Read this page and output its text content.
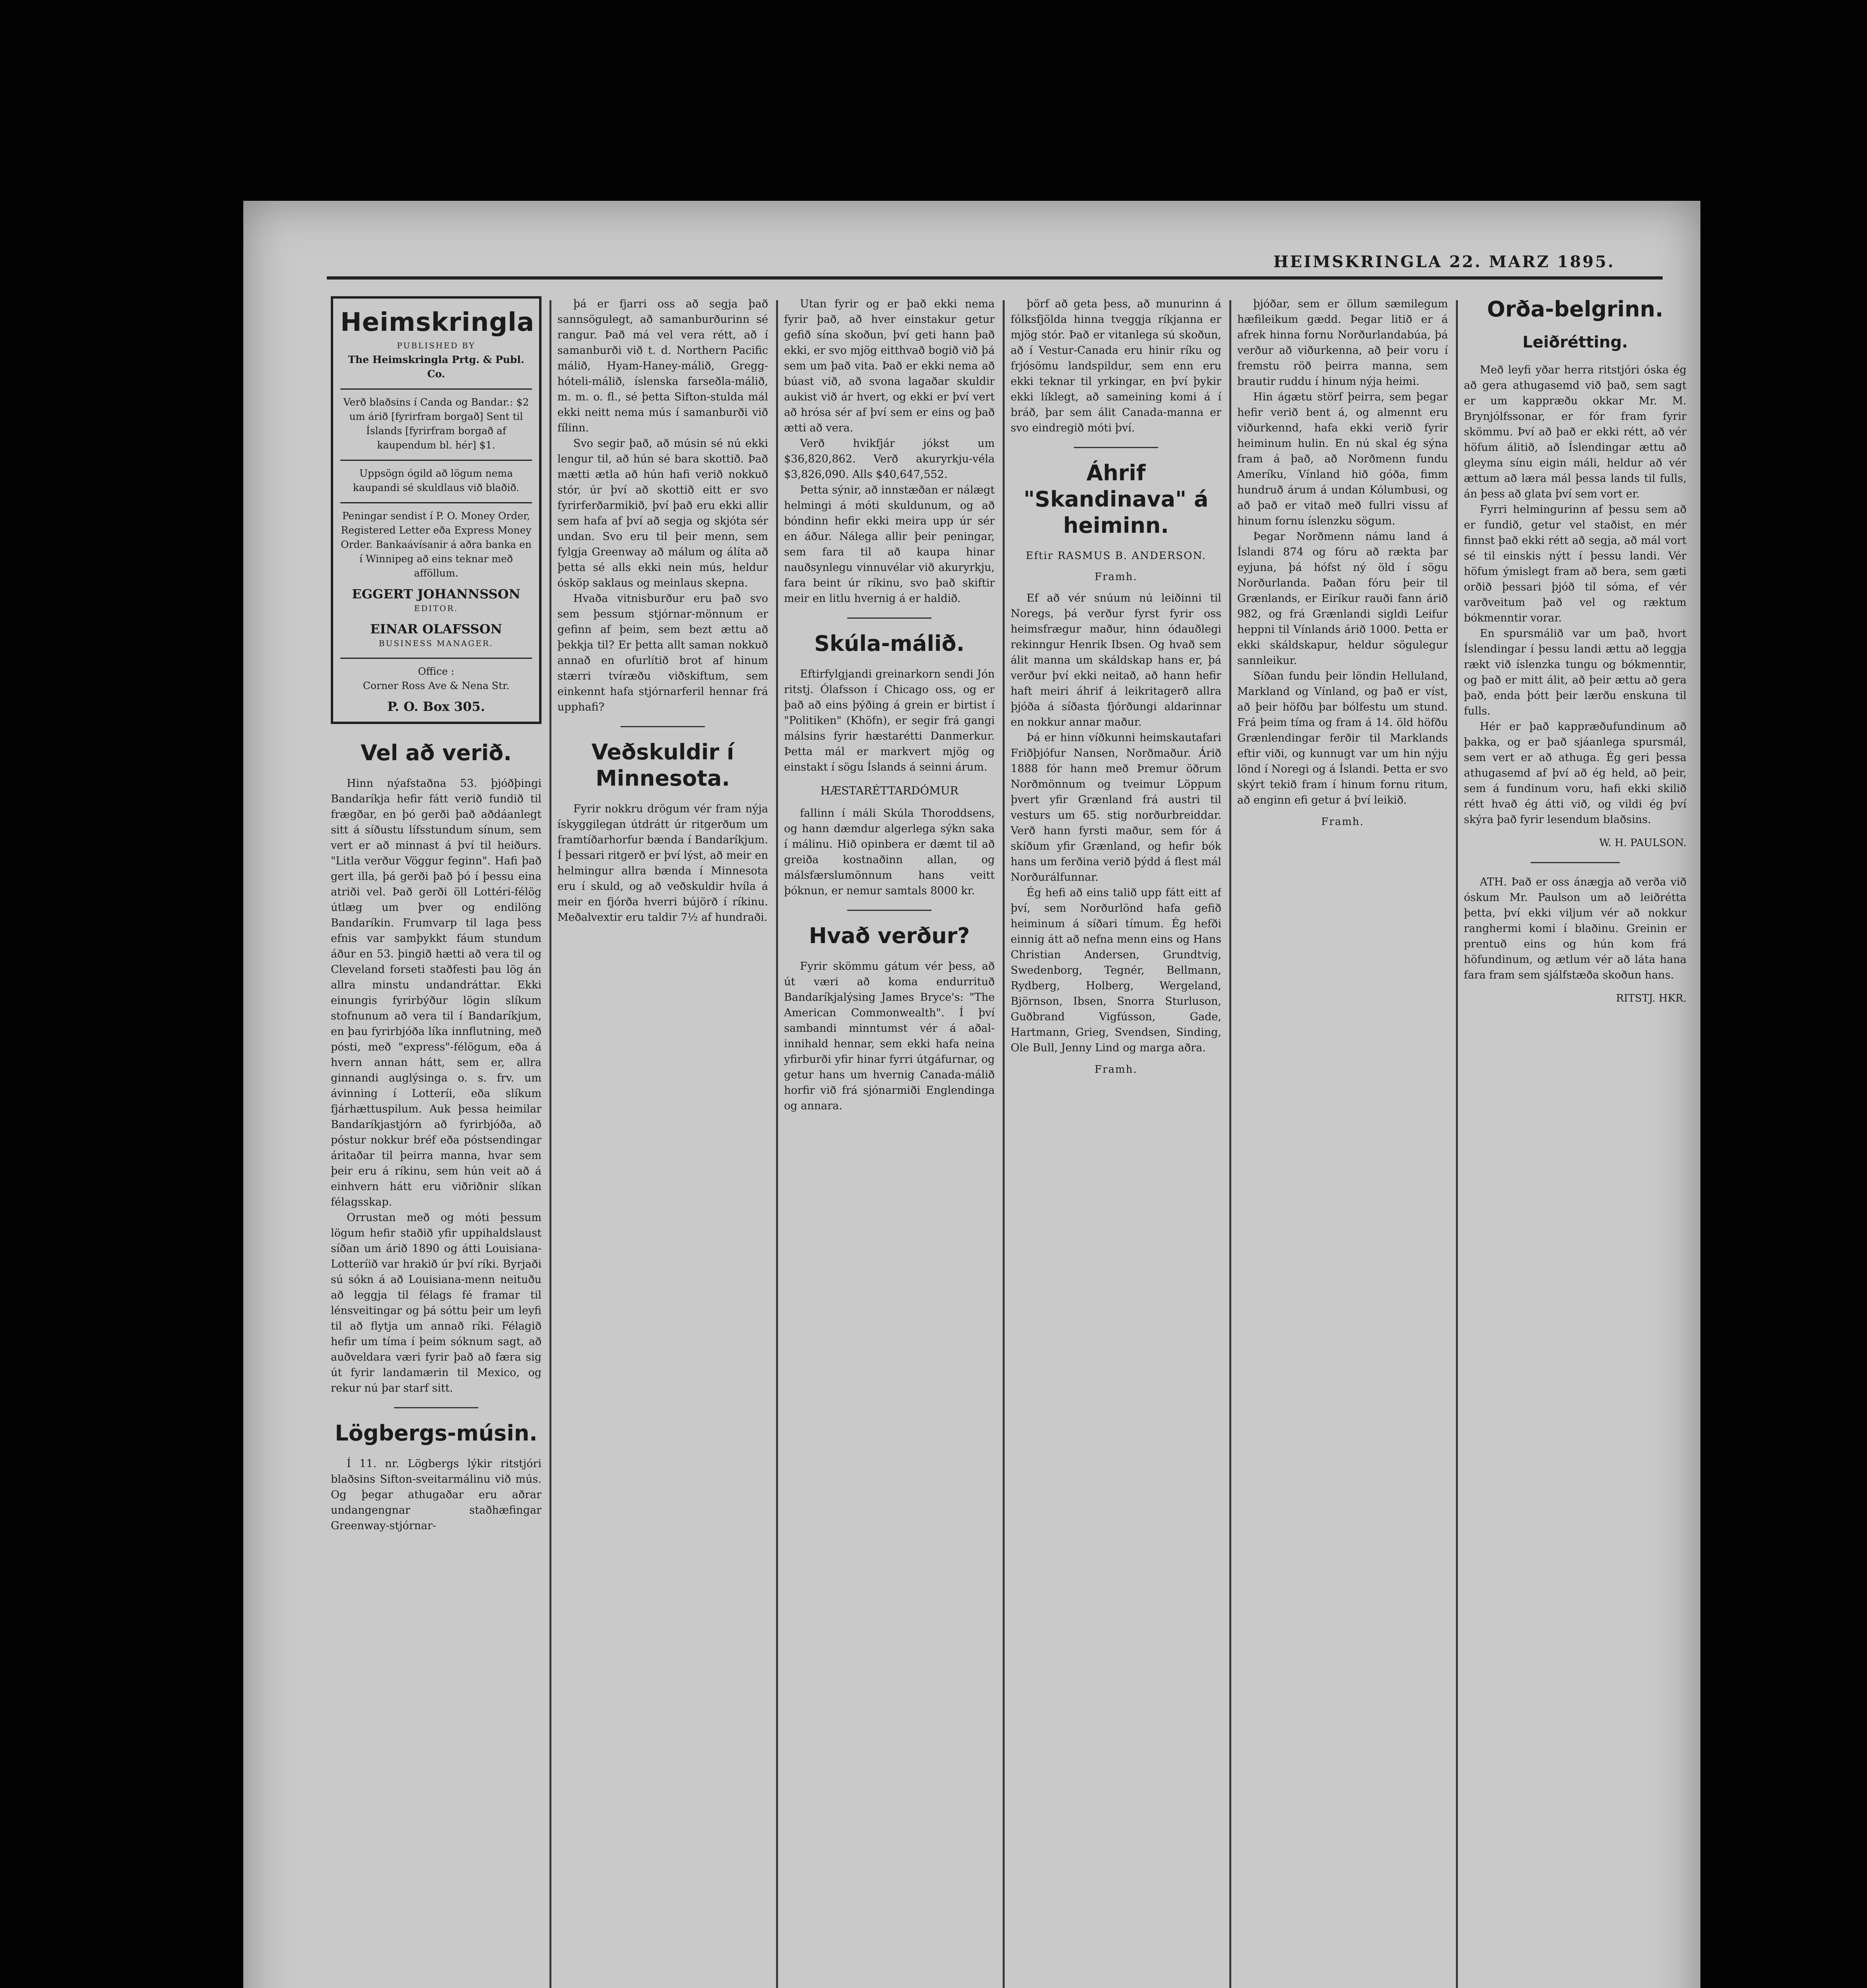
HEIMSKRINGLA 22. MARZ 1895.
Heimskringla
PUBLISHED BY
The Heimskringla Prtg. & Publ. Co.
Verð blaðsins í Canda og Bandar.: $2 um árið [fyrirfram borgað] Sent til Íslands [fyrirfram borgað af kaupendum bl. hér] $1.
Uppsögn ógild að lögum nema kaupandi sé skuldlaus við blaðið.
Peningar sendist í P. O. Money Order, Registered Letter eða Express Money Order. Bankaávísanir á aðra banka en í Winnipeg að eins teknar með afföllum.
EGGERT JOHANNSSON
EDITOR.
EINAR OLAFSSON
BUSINESS MANAGER.
Office :
Corner Ross Ave & Nena Str.
P. O. Box 305.
Vel að verið.

Hinn nýafstaðna 53. þjóðþingi Bandaríkja hefir fátt verið fundið til frægðar, en þó gerði það aðdáanlegt sitt á síðustu lífsstundum sínum, sem vert er að minnast á því til heiðurs. "Litla verður Vöggur feginn". Hafi það gert illa, þá gerði það þó í þessu eina atriði vel. Það gerði öll Lottéri-félög útlæg um þver og endilöng Bandaríkin. Frumvarp til laga þess efnis var samþykkt fáum stundum áður en 53. þingið hætti að vera til og Cleveland forseti staðfesti þau lög án allra minstu undandráttar. Ekki einungis fyrirbýður lögin slíkum stofnunum að vera til í Bandaríkjum, en þau fyrirbjóða líka innflutning, með pósti, með "express"-félögum, eða á hvern annan hátt, sem er, allra ginnandi auglýsinga o. s. frv. um ávinning í Lotteríi, eða slíkum fjárhættuspilum. Auk þessa heimilar Bandaríkjastjórn að fyrirbjóða, að póstur nokkur bréf eða póstsendingar áritaðar til þeirra manna, hvar sem þeir eru á ríkinu, sem hún veit að á einhvern hátt eru viðriðnir slíkan félagsskap.

Orrustan með og móti þessum lögum hefir staðið yfir uppihaldslaust síðan um árið 1890 og átti Louisiana-Lotteríið var hrakið úr því ríki. Byrjaði sú sókn á að Louisiana-menn neituðu að leggja til félags fé framar til lénsveitingar og þá sóttu þeir um leyfi til að flytja um annað ríki. Félagið hefir um tíma í þeim sóknum sagt, að auðveldara væri fyrir það að færa sig út fyrir landamærin til Mexico, og rekur nú þar starf sitt.

Lögbergs-músin.

Í 11. nr. Lögbergs lýkir ritstjóri blaðsins Sifton-sveitarmálinu við mús. Og þegar athugaðar eru aðrar undangengnar staðhæfingar Greenway-stjórnar-

þá er fjarri oss að segja það sannsögulegt, að samanburðurinn sé rangur. Það má vel vera rétt, að í samanburði við t. d. Northern Pacific málið, Hyam-Haney-málið, Gregg-hóteli-málið, íslenska farseðla-málið, m. m. o. fl., sé þetta Sifton-stulda mál ekki neitt nema mús í samanburði við fílinn.

Svo segir það, að músin sé nú ekki lengur til, að hún sé bara skottið. Það mætti ætla að hún hafi verið nokkuð stór, úr því að skottið eitt er svo fyrirferðarmikið, því það eru ekki allir sem hafa af því að segja og skjóta sér undan. Svo eru til þeir menn, sem fylgja Greenway að málum og álíta að þetta sé alls ekki nein mús, heldur ósköp saklaus og meinlaus skepna.

Hvaða vitnisburður eru það svo sem þessum stjórnar-mönnum er gefinn af þeim, sem bezt ættu að þekkja til? Er þetta allt saman nokkuð annað en ofurlítið brot af hinum stærri tvíræðu viðskiftum, sem einkennt hafa stjórnarferil hennar frá upphafi?

Veðskuldir í Minnesota.

Fyrir nokkru drögum vér fram nýja ískyggilegan útdrátt úr ritgerðum um framtíðarhorfur bænda í Bandaríkjum. Í þessari ritgerð er því lýst, að meir en helmingur allra bænda í Minnesota eru í skuld, og að veðskuldir hvíla á meir en fjórða hverri bújörð í ríkinu. Meðalvextir eru taldir 7½ af hundraði.

Utan fyrir og er það ekki nema fyrir það, að hver einstakur getur gefið sína skoðun, því geti hann það ekki, er svo mjög eitthvað bogið við þá sem um það vita. Það er ekki nema að búast við, að svona lagaðar skuldir aukist við ár hvert, og ekki er því vert að hrósa sér af því sem er eins og það ætti að vera.

Verð hvikfjár jókst um $36,820,862. Verð akuryrkju-véla $3,826,090. Alls $40,647,552.

Þetta sýnir, að innstæðan er nálægt helmingi á móti skuldunum, og að bóndinn hefir ekki meira upp úr sér en áður. Nálega allir þeir peningar, sem fara til að kaupa hinar nauðsynlegu vinnuvélar við akuryrkju, fara beint úr ríkinu, svo það skiftir meir en litlu hvernig á er haldið.

Skúla-málið.

Eftirfylgjandi greinarkorn sendi Jón ritstj. Ólafsson í Chicago oss, og er það að eins þýðing á grein er birtist í "Politiken" (Khöfn), er segir frá gangi málsins fyrir hæstarétti Danmerkur. Þetta mál er markvert mjög og einstakt í sögu Íslands á seinni árum.

HÆSTARÉTTARDÓMUR

fallinn í máli Skúla Thoroddsens, og hann dæmdur algerlega sýkn saka í málinu. Hið opinbera er dæmt til að greiða kostnaðinn allan, og málsfærslumönnum hans veitt þóknun, er nemur samtals 8000 kr.

Hvað verður?

Fyrir skömmu gátum vér þess, að út væri að koma endurrituð Bandaríkjalýsing James Bryce's: "The American Commonwealth". Í því sambandi minntumst vér á aðal-innihald hennar, sem ekki hafa neina yfirburði yfir hinar fyrri útgáfurnar, og getur hans um hvernig Canada-málið horfir við frá sjónarmiði Englendinga og annara.

þörf að geta þess, að munurinn á fólksfjölda hinna tveggja ríkjanna er mjög stór. Það er vitanlega sú skoðun, að í Vestur-Canada eru hinir ríku og frjósömu landspildur, sem enn eru ekki teknar til yrkingar, en því þykir ekki líklegt, að sameining komi á í bráð, þar sem álit Canada-manna er svo eindregið móti því.

Áhrif "Skandinava" á heiminn.
Eftir RASMUS B. ANDERSON.
Framh.

Ef að vér snúum nú leiðinni til Noregs, þá verður fyrst fyrir oss heimsfrægur maður, hinn ódauðlegi rekinngur Henrik Ibsen. Og hvað sem álit manna um skáldskap hans er, þá verður því ekki neitað, að hann hefir haft meiri áhrif á leikritagerð allra þjóða á síðasta fjórðungi aldarinnar en nokkur annar maður.

Þá er hinn víðkunni heimskautafari Friðþjófur Nansen, Norðmaður. Árið 1888 fór hann með Þremur öðrum Norðmönnum og tveimur Löppum þvert yfir Grænland frá austri til vesturs um 65. stig norðurbreiddar. Verð hann fyrsti maður, sem fór á skíðum yfir Grænland, og hefir bók hans um ferðina verið þýdd á flest mál Norðurálfunnar.

Ég hefi að eins talið upp fátt eitt af því, sem Norðurlönd hafa gefið heiminum á síðari tímum. Ég hefði einnig átt að nefna menn eins og Hans Christian Andersen, Grundtvig, Swedenborg, Tegnér, Bellmann, Rydberg, Holberg, Wergeland, Björnson, Ibsen, Snorra Sturluson, Guðbrand Vigfússon, Gade, Hartmann, Grieg, Svendsen, Sinding, Ole Bull, Jenny Lind og marga aðra.

Framh.

þjóðar, sem er öllum sæmilegum hæfileikum gædd. Þegar litið er á afrek hinna fornu Norðurlandabúa, þá verður að viðurkenna, að þeir voru í fremstu röð þeirra manna, sem brautir ruddu í hinum nýja heimi.

Hin ágætu störf þeirra, sem þegar hefir verið bent á, og almennt eru viðurkennd, hafa ekki verið fyrir heiminum hulin. En nú skal ég sýna fram á það, að Norðmenn fundu Ameríku, Vínland hið góða, fimm hundruð árum á undan Kólumbusi, og að það er vitað með fullri vissu af hinum fornu íslenzku sögum.

Þegar Norðmenn námu land á Íslandi 874 og fóru að rækta þar eyjuna, þá hófst ný öld í sögu Norðurlanda. Þaðan fóru þeir til Grænlands, er Eiríkur rauði fann árið 982, og frá Grænlandi sigldi Leifur heppni til Vínlands árið 1000. Þetta er ekki skáldskapur, heldur sögulegur sannleikur.

Síðan fundu þeir löndin Helluland, Markland og Vínland, og það er víst, að þeir höfðu þar bólfestu um stund. Frá þeim tíma og fram á 14. öld höfðu Grænlendingar ferðir til Marklands eftir viði, og kunnugt var um hin nýju lönd í Noregi og á Íslandi. Þetta er svo skýrt tekið fram í hinum fornu ritum, að enginn efi getur á því leikið.

Framh.
Orða-belgrinn.
Leiðrétting.

Með leyfi yðar herra ritstjóri óska ég að gera athugasemd við það, sem sagt er um kappræðu okkar Mr. M. Brynjólfssonar, er fór fram fyrir skömmu. Því að það er ekki rétt, að vér höfum álitið, að Íslendingar ættu að gleyma sínu eigin máli, heldur að vér ættum að læra mál þessa lands til fulls, án þess að glata því sem vort er.

Fyrri helmingurinn af þessu sem að er fundið, getur vel staðist, en mér finnst það ekki rétt að segja, að mál vort sé til einskis nýtt í þessu landi. Vér höfum ýmislegt fram að bera, sem gæti orðið þessari þjóð til sóma, ef vér varðveitum það vel og ræktum bókmenntir vorar.

En spursmálið var um það, hvort Íslendingar í þessu landi ættu að leggja rækt við íslenzka tungu og bókmenntir, og það er mitt álit, að þeir ættu að gera það, enda þótt þeir lærðu enskuna til fulls.

Hér er það kappræðufundinum að þakka, og er það sjáanlega spursmál, sem vert er að athuga. Ég geri þessa athugasemd af því að ég held, að þeir, sem á fundinum voru, hafi ekki skilið rétt hvað ég átti við, og vildi ég því skýra það fyrir lesendum blaðsins.

W. H. PAULSON.

ATH. Það er oss ánægja að verða við óskum Mr. Paulson um að leiðrétta þetta, því ekki viljum vér að nokkur ranghermi komi í blaðinu. Greinin er prentuð eins og hún kom frá höfundinum, og ætlum vér að láta hana fara fram sem sjálfstæða skoðun hans.

RITSTJ. HKR.
